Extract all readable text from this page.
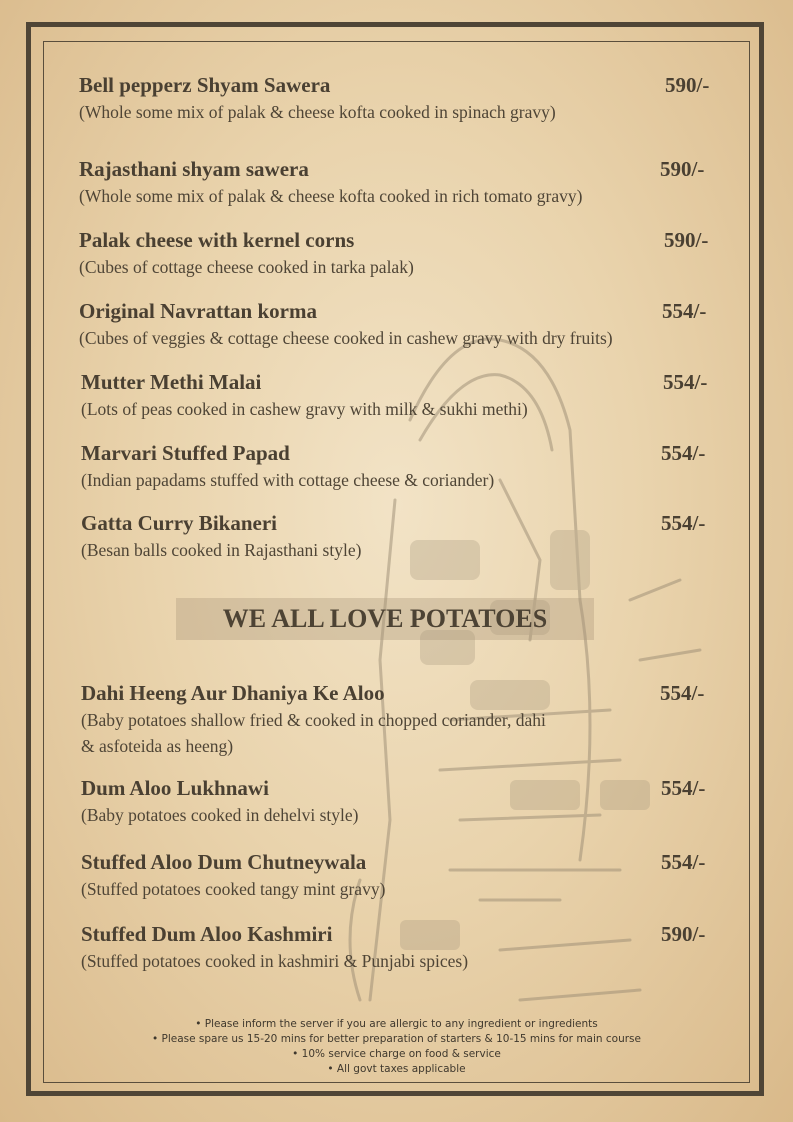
Bell pepperz Shyam Sawera	590/-
(Whole some mix of palak & cheese kofta cooked in spinach gravy)
Rajasthani shyam sawera	590/-
(Whole some mix of palak & cheese kofta cooked in rich tomato gravy)
Palak cheese with kernel corns	590/-
(Cubes of cottage cheese cooked in tarka palak)
Original Navrattan korma	554/-
(Cubes of veggies & cottage cheese cooked in cashew gravy with dry fruits)
Mutter Methi Malai	554/-
(Lots of peas cooked in cashew gravy with milk & sukhi methi)
Marvari Stuffed Papad	554/-
(Indian papadams stuffed with cottage cheese & coriander)
Gatta Curry Bikaneri	554/-
(Besan balls cooked in Rajasthani style)
WE ALL LOVE POTATOES
Dahi Heeng Aur Dhaniya Ke Aloo	554/-
(Baby potatoes shallow fried & cooked in chopped coriander, dahi
& asfoteida as heeng)
Dum Aloo Lukhnawi	554/-
(Baby potatoes cooked in dehelvi style)
Stuffed Aloo Dum Chutneywala	554/-
(Stuffed potatoes cooked tangy mint gravy)
Stuffed Dum Aloo Kashmiri	590/-
(Stuffed potatoes cooked in kashmiri & Punjabi spices)
• Please inform the server if you are allergic to any ingredient or ingredients
• Please spare us 15-20 mins for better preparation of starters & 10-15 mins for main course
• 10% service charge on food & service
• All govt taxes applicable
